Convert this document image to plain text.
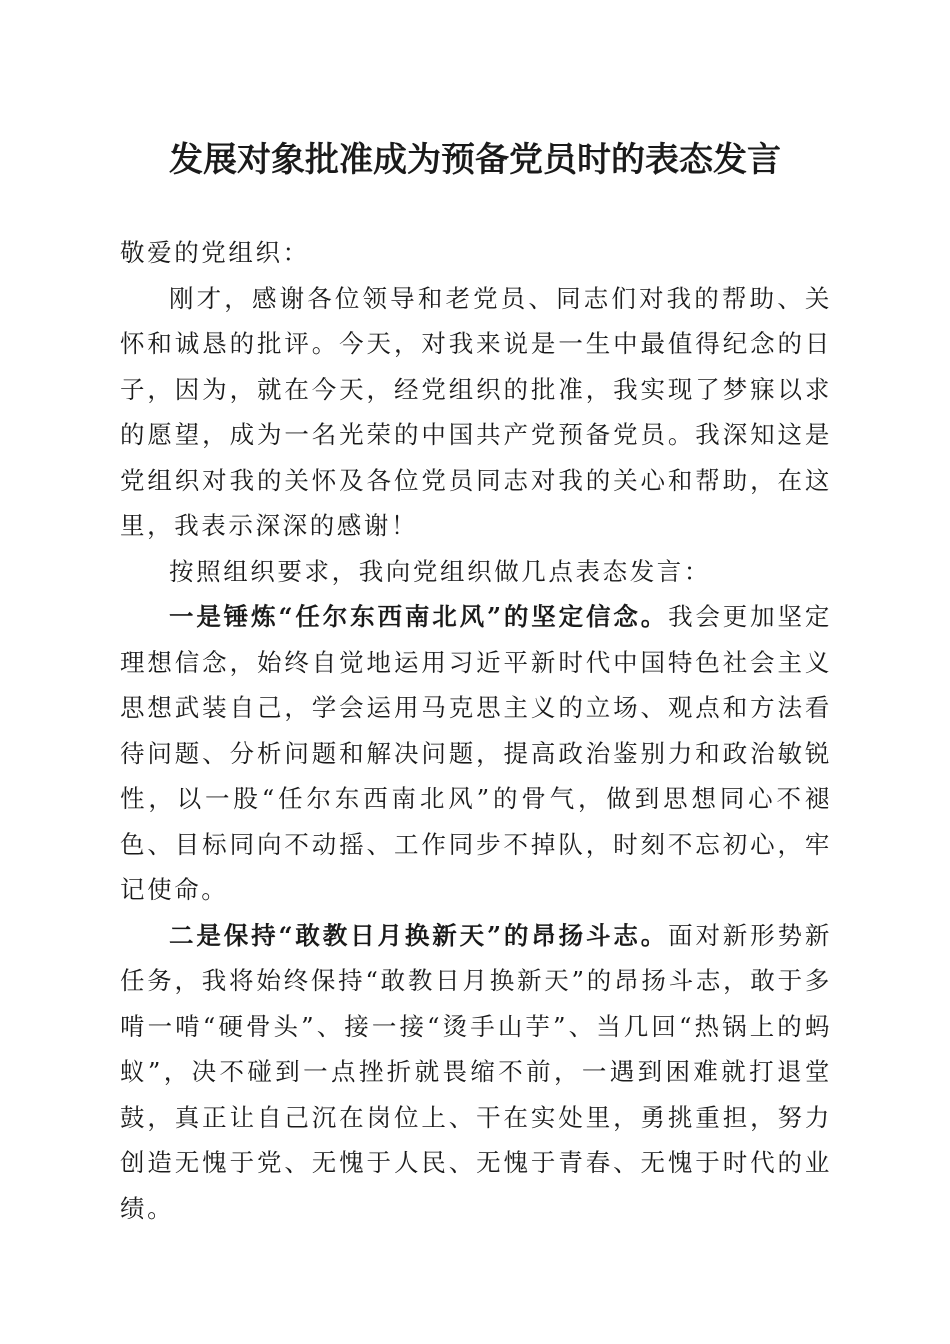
发展对象批准成为预备党员时的表态发言

敬爱的党组织：

刚才，感谢各位领导和老党员、同志们对我的帮助、关怀和诚恳的批评。今天，对我来说是一生中最值得纪念的日子，因为，就在今天，经党组织的批准，我实现了梦寐以求的愿望，成为一名光荣的中国共产党预备党员。我深知这是党组织对我的关怀及各位党员同志对我的关心和帮助，在这里，我表示深深的感谢！

按照组织要求，我向党组织做几点表态发言：

一是锤炼“任尔东西南北风”的坚定信念。我会更加坚定理想信念，始终自觉地运用习近平新时代中国特色社会主义思想武装自己，学会运用马克思主义的立场、观点和方法看待问题、分析问题和解决问题，提高政治鉴别力和政治敏锐性，以一股“任尔东西南北风”的骨气，做到思想同心不褪色、目标同向不动摇、工作同步不掉队，时刻不忘初心，牢记使命。

二是保持“敢教日月换新天”的昂扬斗志。面对新形势新任务，我将始终保持“敢教日月换新天”的昂扬斗志，敢于多啃一啃“硬骨头”、接一接“烫手山芋”、当几回“热锅上的蚂蚁”，决不碰到一点挫折就畏缩不前，一遇到困难就打退堂鼓，真正让自己沉在岗位上、干在实处里，勇挑重担，努力创造无愧于党、无愧于人民、无愧于青春、无愧于时代的业绩。
